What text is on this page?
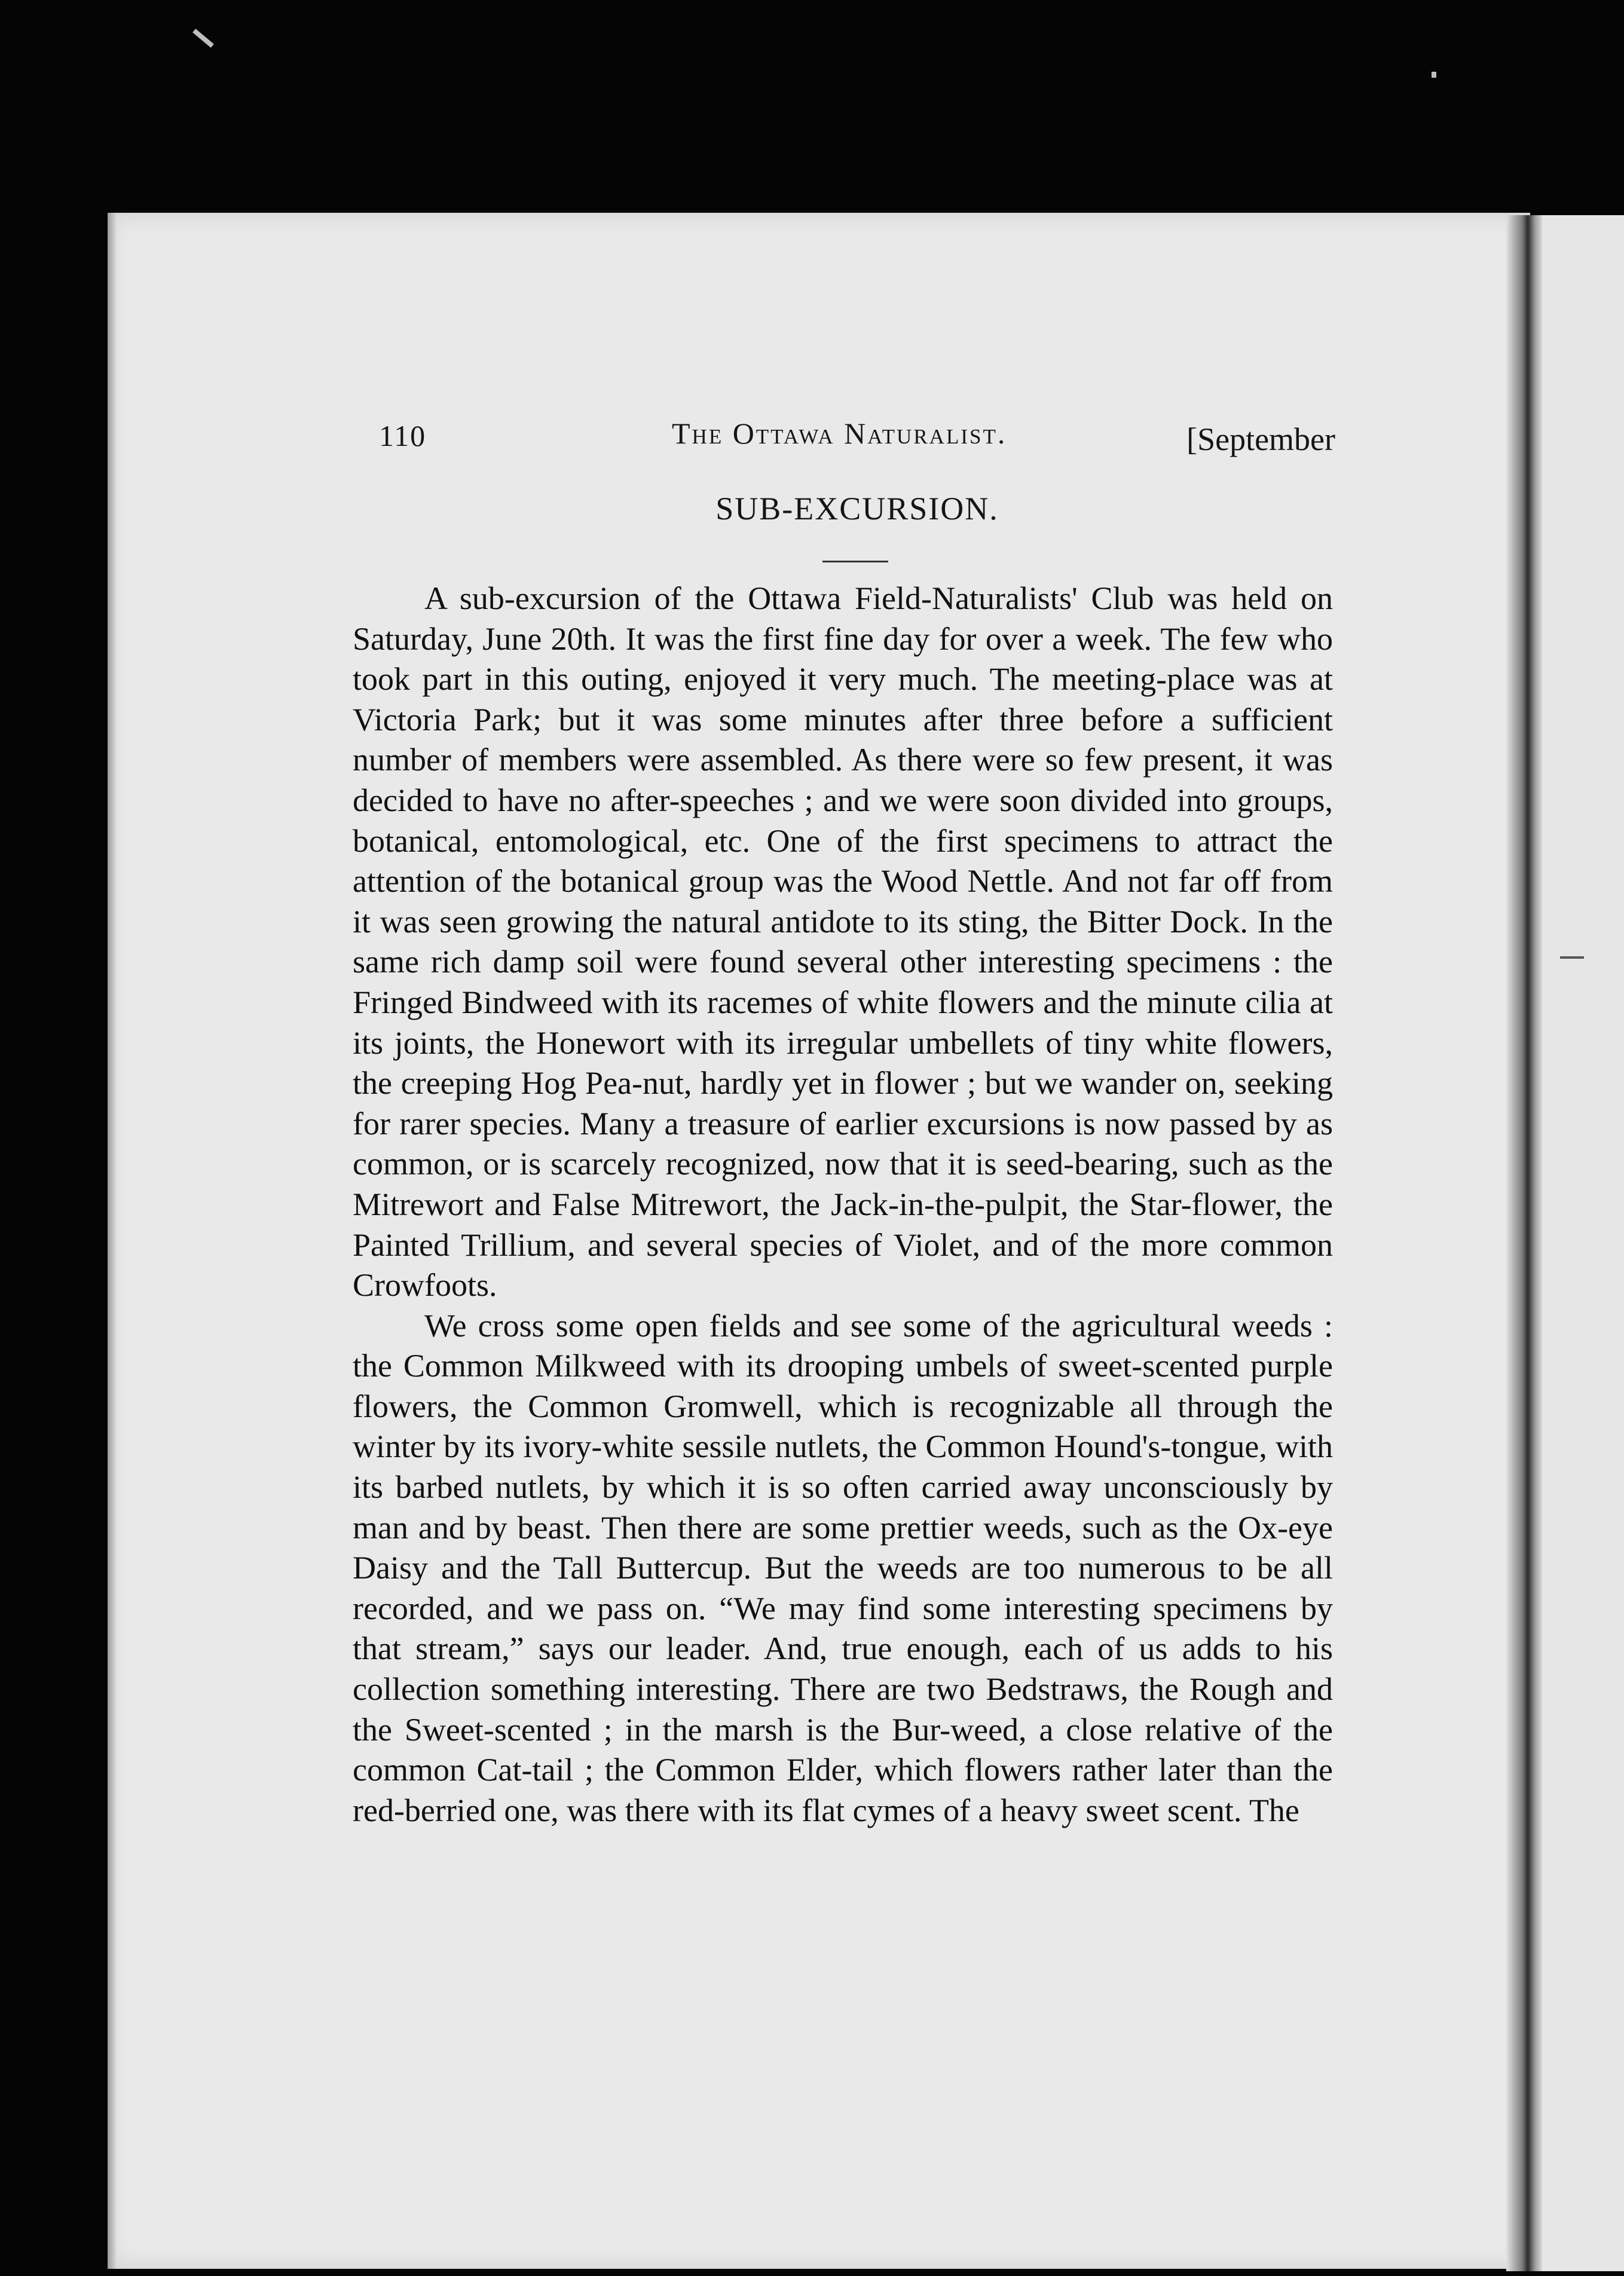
110	The Ottawa Naturalist.	[September
SUB-EXCURSION.

A sub-excursion of the Ottawa Field-Naturalists' Club was held on Saturday, June 20th. It was the first fine day for over a week. The few who took part in this outing, enjoyed it very much. The meeting-place was at Victoria Park; but it was some minutes after three before a sufficient number of members were assembled. As there were so few present, it was decided to have no after-speeches ; and we were soon divided into groups, botanical, entomological, etc. One of the first specimens to attract the attention of the botanical group was the Wood Nettle. And not far off from it was seen growing the natural antidote to its sting, the Bitter Dock. In the same rich damp soil were found several other interesting specimens : the Fringed Bindweed with its racemes of white flowers and the minute cilia at its joints, the Honewort with its irregular umbellets of tiny white flowers, the creeping Hog Pea-nut, hardly yet in flower ; but we wander on, seeking for rarer species. Many a treasure of earlier excursions is now passed by as common, or is scarcely recognized, now that it is seed-bearing, such as the Mitrewort and False Mitrewort, the Jack-in-the-pulpit, the Star-flower, the Painted Trillium, and several species of Violet, and of the more common Crowfoots.

We cross some open fields and see some of the agricultural weeds : the Common Milkweed with its drooping umbels of sweet-scented purple flowers, the Common Gromwell, which is recognizable all through the winter by its ivory-white sessile nutlets, the Common Hound's-tongue, with its barbed nutlets, by which it is so often carried away unconsciously by man and by beast. Then there are some prettier weeds, such as the Ox-eye Daisy and the Tall Buttercup. But the weeds are too numerous to be all recorded, and we pass on. “We may find some interesting specimens by that stream,” says our leader. And, true enough, each of us adds to his collection something interesting. There are two Bedstraws, the Rough and the Sweet-scented ; in the marsh is the Bur-weed, a close relative of the common Cat-tail ; the Common Elder, which flowers rather later than the red-berried one, was there with its flat cymes of a heavy sweet scent. The
